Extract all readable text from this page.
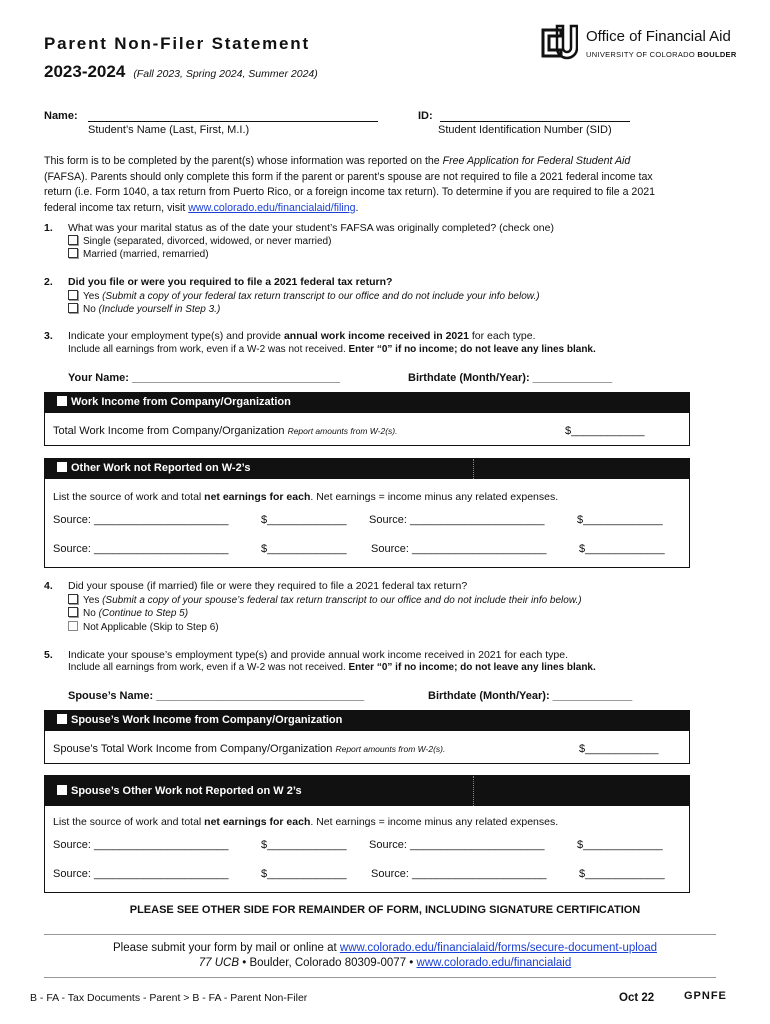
Parent Non-Filer Statement
2023-2024 (Fall 2023, Spring 2024, Summer 2024)
Office of Financial Aid
UNIVERSITY OF COLORADO BOULDER
Name:
Student’s Name (Last, First, M.I.)
ID:
Student Identification Number (SID)
This form is to be completed by the parent(s) whose information was reported on the Free Application for Federal Student Aid (FAFSA). Parents should only complete this form if the parent or parent’s spouse are not required to file a 2021 federal income tax return (i.e. Form 1040, a tax return from Puerto Rico, or a foreign income tax return). To determine if you are required to file a 2021 federal income tax return, visit www.colorado.edu/financialaid/filing.
1. What was your marital status as of the date your student’s FAFSA was originally completed? (check one)
Single (separated, divorced, widowed, or never married)
Married (married, remarried)
2. Did you file or were you required to file a 2021 federal tax return?
Yes (Submit a copy of your federal tax return transcript to our office and do not include your info below.)
No (Include yourself in Step 3.)
3. Indicate your employment type(s) and provide annual work income received in 2021 for each type.
Include all earnings from work, even if a W-2 was not received. Enter “0” if no income; do not leave any lines blank.
Your Name: __________________________________	Birthdate (Month/Year): _____________
Work Income from Company/Organization
Total Work Income from Company/Organization Report amounts from W-2(s).	$____________
Other Work not Reported on W-2’s
List the source of work and total net earnings for each. Net earnings = income minus any related expenses.
Source: ______________________	$_____________ Source: ______________________	$_____________
Source: ______________________	$_____________ Source: ______________________	$_____________
4. Did your spouse (if married) file or were they required to file a 2021 federal tax return?
Yes (Submit a copy of your spouse’s federal tax return transcript to our office and do not include their info below.)
No (Continue to Step 5)
Not Applicable (Skip to Step 6)
5. Indicate your spouse’s employment type(s) and provide annual work income received in 2021 for each type.
Include all earnings from work, even if a W-2 was not received. Enter “0” if no income; do not leave any lines blank.
Spouse’s Name: __________________________________	Birthdate (Month/Year): _____________
Spouse’s Work Income from Company/Organization
Spouse’s Total Work Income from Company/Organization Report amounts from W-2(s).	$____________
Spouse’s Other Work not Reported on W 2’s
List the source of work and total net earnings for each. Net earnings = income minus any related expenses.
Source: ______________________	$_____________ Source: ______________________	$_____________
Source: ______________________	$_____________ Source: ______________________	$_____________
PLEASE SEE OTHER SIDE FOR REMAINDER OF FORM, INCLUDING SIGNATURE CERTIFICATION
Please submit your form by mail or online at www.colorado.edu/financialaid/forms/secure-document-upload
77 UCB • Boulder, Colorado 80309-0077 • www.colorado.edu/financialaid
B - FA - Tax Documents - Parent > B - FA - Parent Non-Filer	Oct 22	GPNFE
